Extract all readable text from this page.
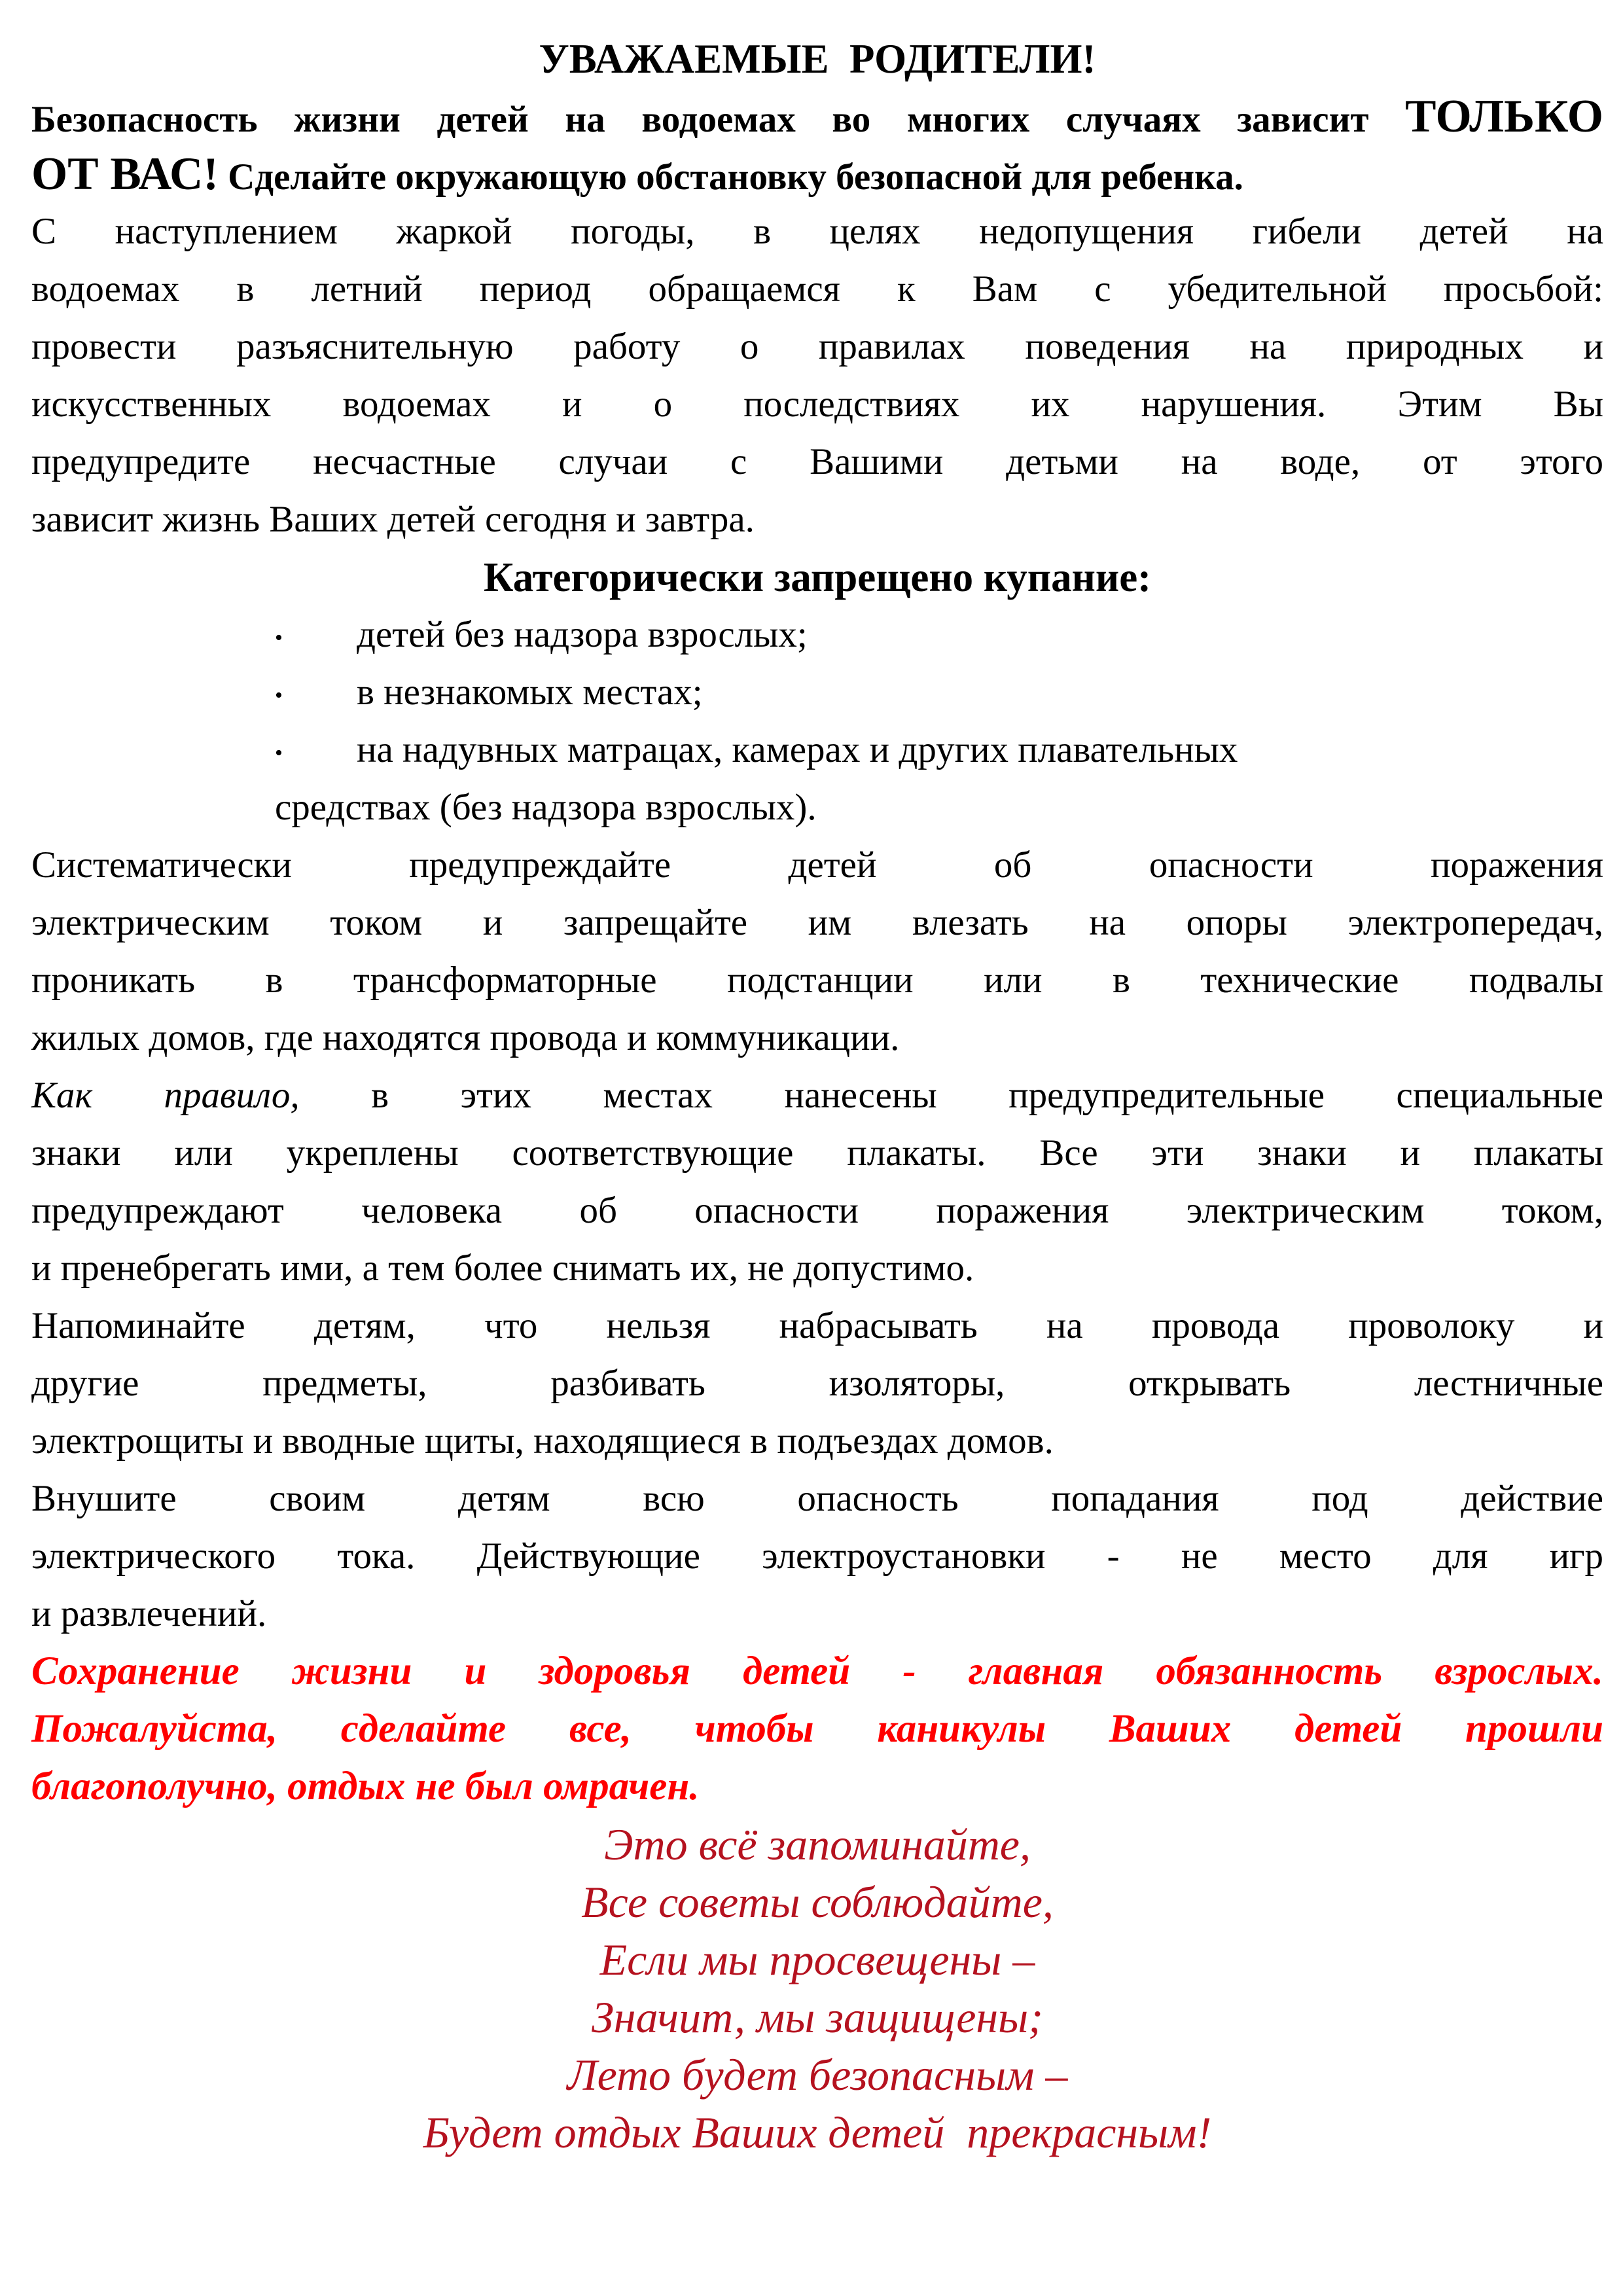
УВАЖАЕМЫЕ  РОДИТЕЛИ!
Безопасность жизни детей на водоемах во многих случаях зависит ТОЛЬКО
ОТ ВАС! Сделайте окружающую обстановку безопасной для ребенка.
С наступлением жаркой погоды, в целях недопущения гибели детей на
водоемах в летний период обращаемся к Вам с убедительной просьбой:
провести разъяснительную работу о правилах поведения на природных и
искусственных водоемах и о последствиях их нарушения. Этим Вы
предупредите несчастные случаи с Вашими детьми на воде, от этого
зависит жизнь Ваших детей сегодня и завтра.
Категорически запрещено купание:
• детей без надзора взрослых;
• в незнакомых местах;
• на надувных матрацах, камерах и других плавательных
средствах (без надзора взрослых).
Систематически предупреждайте детей об опасности поражения
электрическим током и запрещайте им влезать на опоры электропередач,
проникать в трансформаторные подстанции или в технические подвалы
жилых домов, где находятся провода и коммуникации.
Как правило, в этих местах нанесены предупредительные специальные
знаки или укреплены соответствующие плакаты. Все эти знаки и плакаты
предупреждают человека об опасности поражения электрическим током,
и пренебрегать ими, а тем более снимать их, не допустимо.
Напоминайте детям, что нельзя набрасывать на провода проволоку и
другие предметы, разбивать изоляторы, открывать лестничные
электрощиты и вводные щиты, находящиеся в подъездах домов.
Внушите своим детям всю опасность попадания под действие
электрического тока. Действующие электроустановки - не место для игр
и развлечений.
Сохранение жизни и здоровья детей - главная обязанность взрослых.
Пожалуйста, сделайте все, чтобы каникулы Ваших детей прошли
благополучно, отдых не был омрачен.
Это всё запоминайте,
Все советы соблюдайте,
Если мы просвещены –
Значит, мы защищены;
Лето будет безопасным –
Будет отдых Ваших детей  прекрасным!
